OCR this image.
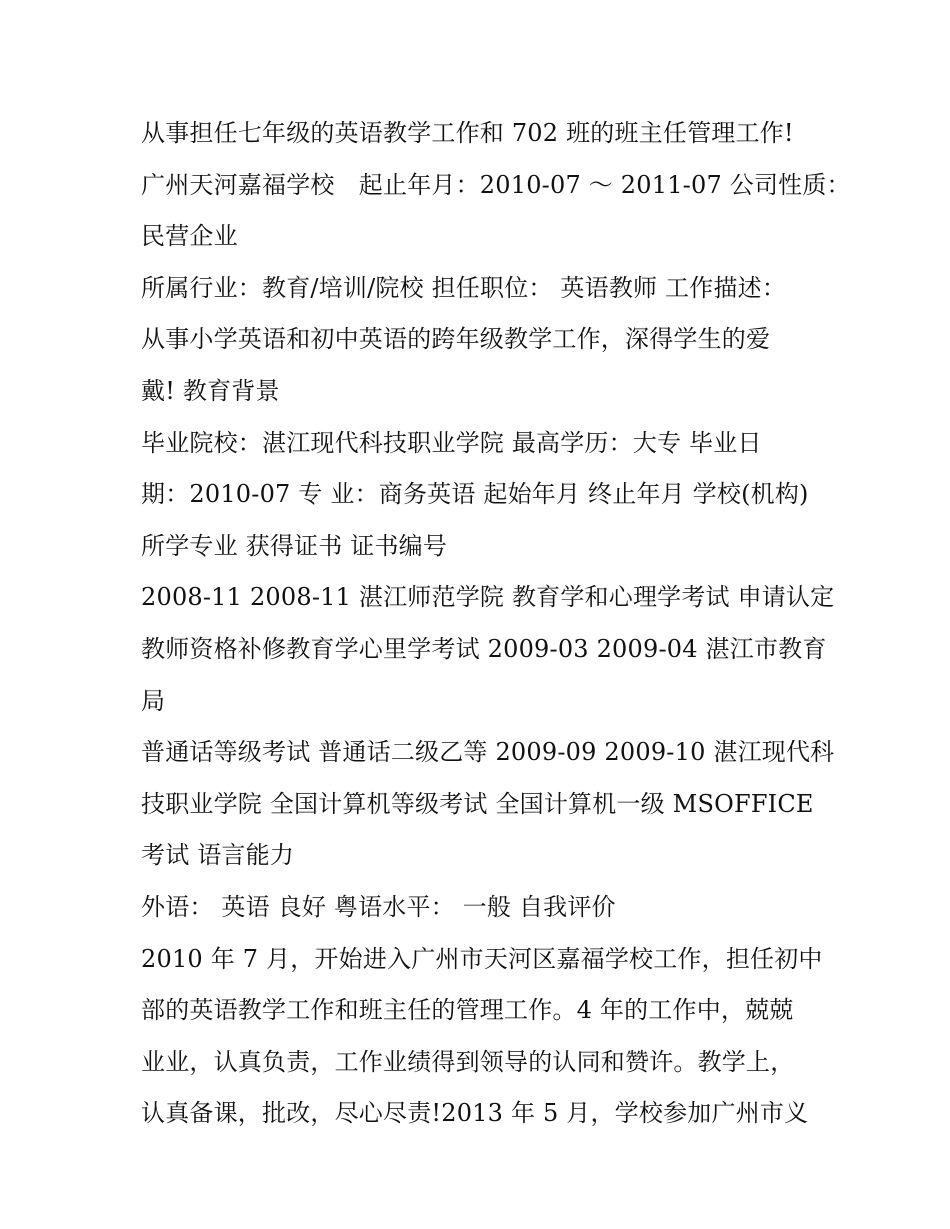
从事担任七年级的英语教学工作和 702 班的班主任管理工作!
广州天河嘉福学校　起止年月：2010-07 ～ 2011-07 公司性质：
民营企业
所属行业：教育/培训/院校 担任职位： 英语教师 工作描述：
从事小学英语和初中英语的跨年级教学工作，深得学生的爱
戴! 教育背景
毕业院校：湛江现代科技职业学院 最高学历：大专 毕业日
期：2010-07 专 业：商务英语 起始年月 终止年月 学校(机构)
所学专业 获得证书 证书编号
2008-11 2008-11 湛江师范学院 教育学和心理学考试 申请认定
教师资格补修教育学心里学考试 2009-03 2009-04 湛江市教育
局
普通话等级考试 普通话二级乙等 2009-09 2009-10 湛江现代科
技职业学院 全国计算机等级考试 全国计算机一级 MSOFFICE
考试 语言能力
外语： 英语 良好 粤语水平： 一般 自我评价
2010 年 7 月，开始进入广州市天河区嘉福学校工作，担任初中
部的英语教学工作和班主任的管理工作。4 年的工作中，兢兢
业业，认真负责，工作业绩得到领导的认同和赞许。教学上，
认真备课，批改，尽心尽责!2013 年 5 月，学校参加广州市义
